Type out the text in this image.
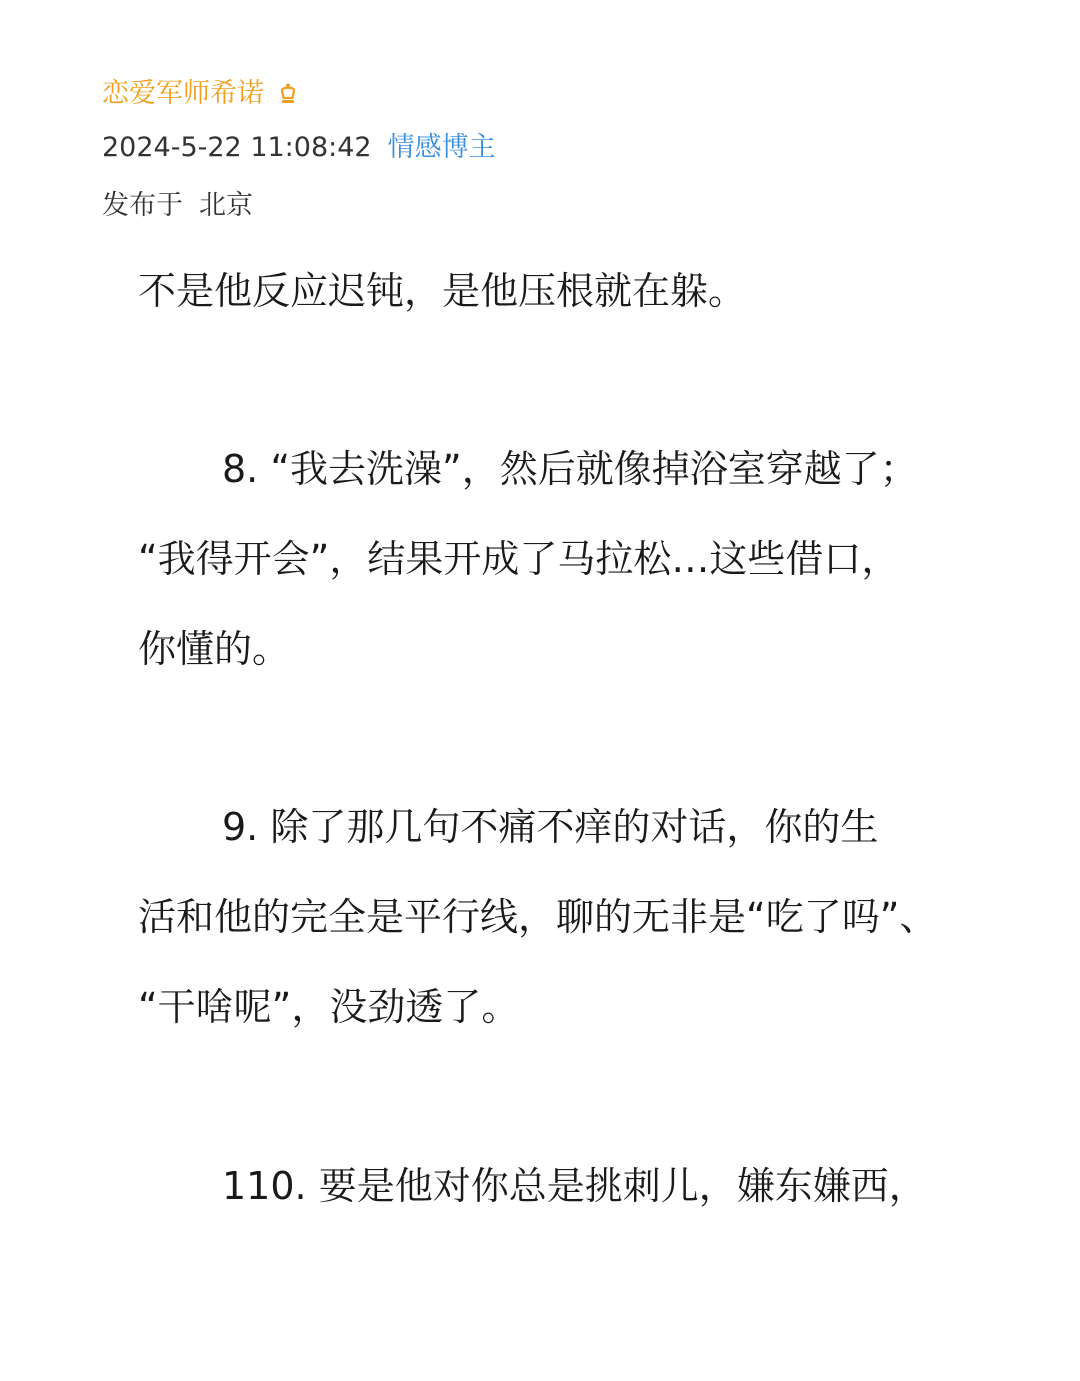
恋爱军师希诺
2024-5-22 11:08:42 情感博主
发布于 北京
不是他反应迟钝，是他压根就在躲。
8. “我去洗澡”，然后就像掉浴室穿越了；
“我得开会”，结果开成了马拉松…这些借口，
你懂的。
9. 除了那几句不痛不痒的对话，你的生
活和他的完全是平行线，聊的无非是“吃了吗”、
“干啥呢”，没劲透了。
110. 要是他对你总是挑刺儿，嫌东嫌西，
